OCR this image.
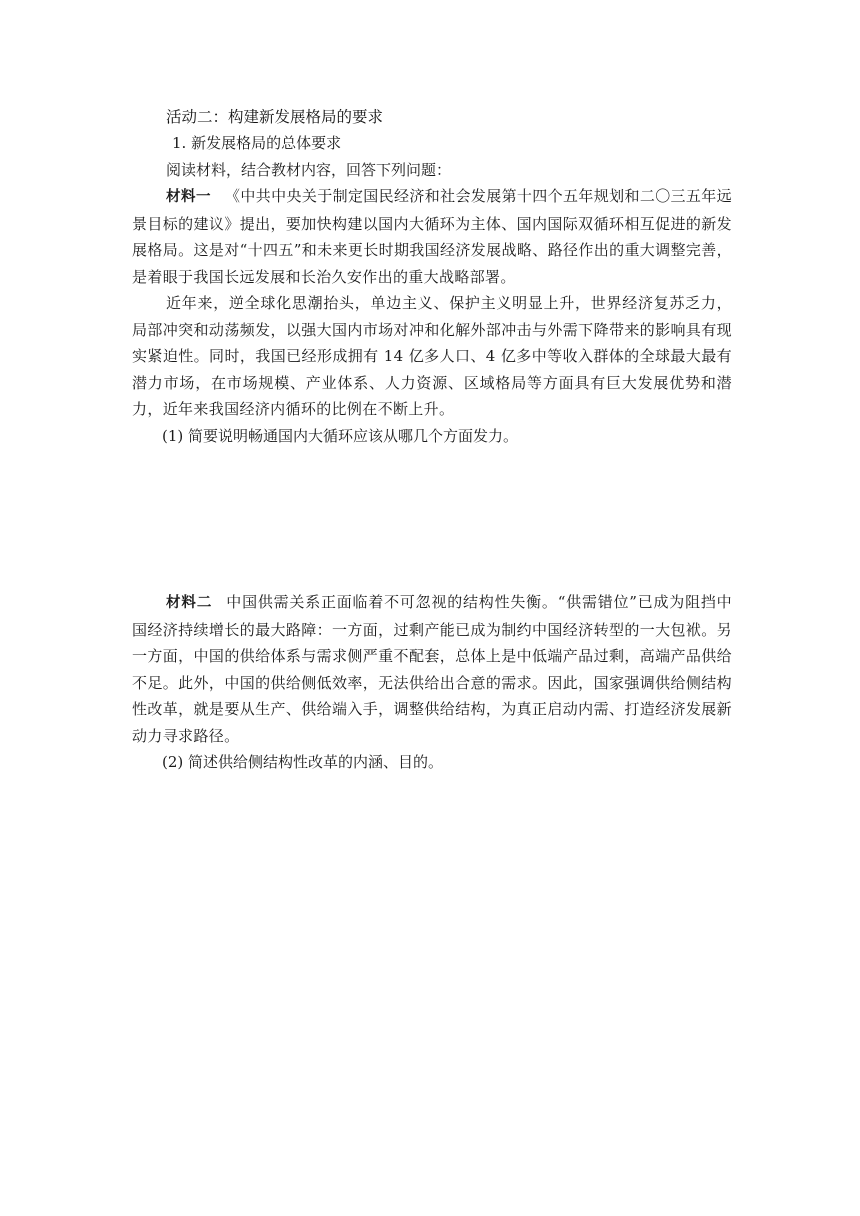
活动二：构建新发展格局的要求

1. 新发展格局的总体要求

阅读材料，结合教材内容，回答下列问题：

材料一 《中共中央关于制定国民经济和社会发展第十四个五年规划和二〇三五年远景目标的建议》提出，要加快构建以国内大循环为主体、国内国际双循环相互促进的新发展格局。这是对“十四五”和未来更长时期我国经济发展战略、路径作出的重大调整完善，是着眼于我国长远发展和长治久安作出的重大战略部署。

近年来，逆全球化思潮抬头，单边主义、保护主义明显上升，世界经济复苏乏力，局部冲突和动荡频发，以强大国内市场对冲和化解外部冲击与外需下降带来的影响具有现实紧迫性。同时，我国已经形成拥有 14 亿多人口、4 亿多中等收入群体的全球最大最有潜力市场，在市场规模、产业体系、人力资源、区域格局等方面具有巨大发展优势和潜力，近年来我国经济内循环的比例在不断上升。

(1) 简要说明畅通国内大循环应该从哪几个方面发力。

材料二 中国供需关系正面临着不可忽视的结构性失衡。“供需错位”已成为阻挡中国经济持续增长的最大路障：一方面，过剩产能已成为制约中国经济转型的一大包袱。另一方面，中国的供给体系与需求侧严重不配套，总体上是中低端产品过剩，高端产品供给不足。此外，中国的供给侧低效率，无法供给出合意的需求。因此，国家强调供给侧结构性改革，就是要从生产、供给端入手，调整供给结构，为真正启动内需、打造经济发展新动力寻求路径。

(2) 简述供给侧结构性改革的内涵、目的。
